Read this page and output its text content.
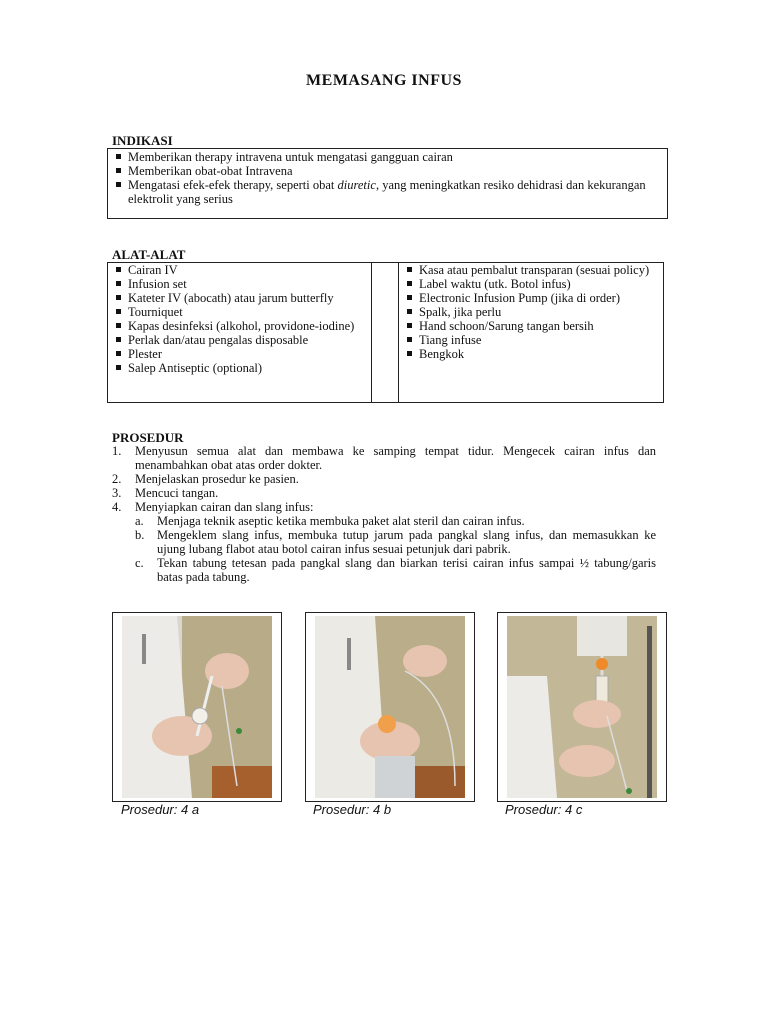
MEMASANG INFUS
INDIKASI
Memberikan therapy intravena untuk mengatasi gangguan cairan
Memberikan obat-obat Intravena
Mengatasi efek-efek therapy, seperti obat diuretic, yang meningkatkan resiko dehidrasi dan kekurangan elektrolit yang serius
ALAT-ALAT
Cairan IV
Infusion set
Kateter IV (abocath) atau jarum butterfly
Tourniquet
Kapas desinfeksi (alkohol, providone-iodine)
Perlak dan/atau pengalas disposable
Plester
Salep Antiseptic (optional)
Kasa atau pembalut transparan (sesuai policy)
Label waktu (utk. Botol infus)
Electronic Infusion Pump (jika di order)
Spalk, jika perlu
Hand schoon/Sarung tangan bersih
Tiang infuse
Bengkok
PROSEDUR
1. Menyusun semua alat dan membawa ke samping tempat tidur. Mengecek cairan infus dan menambahkan obat atas order dokter.
2. Menjelaskan prosedur ke pasien.
3. Mencuci tangan.
4. Menyiapkan cairan dan slang infus:
a. Menjaga teknik aseptic ketika membuka paket alat steril dan cairan infus.
b. Mengeklem slang infus, membuka tutup jarum pada pangkal slang infus, dan memasukkan ke ujung lubang flabot atau botol cairan infus sesuai petunjuk dari pabrik.
c. Tekan tabung tetesan pada pangkal slang dan biarkan terisi cairan infus sampai ½ tabung/garis batas pada tabung.
Prosedur: 4 a	Prosedur: 4 b	Prosedur: 4 c
